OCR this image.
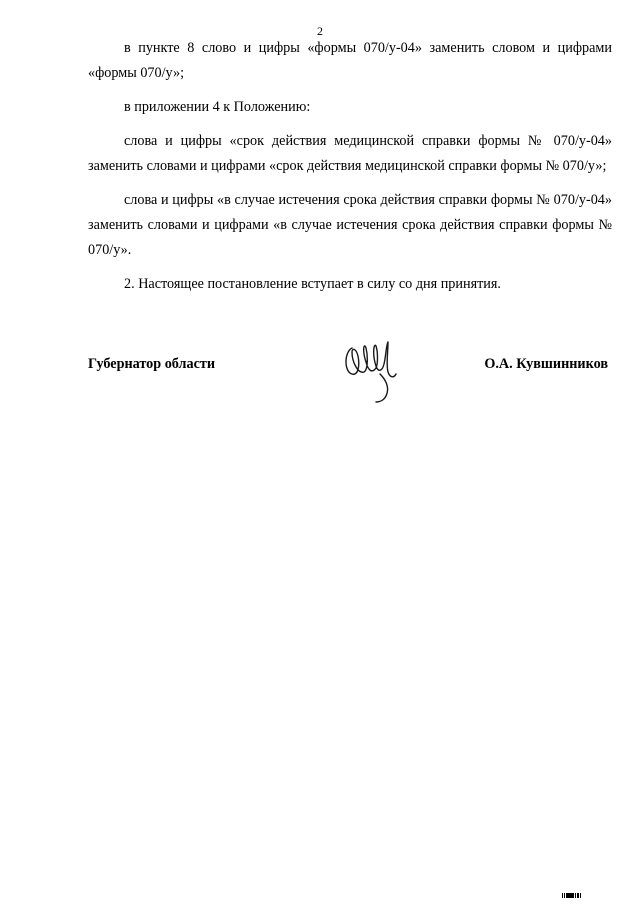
2

в пункте 8 слово и цифры «формы 070/у-04» заменить словом и цифрами «формы 070/у»;

в приложении 4 к Положению:

слова и цифры «срок действия медицинской справки формы № 070/у-04» заменить словами и цифрами «срок действия медицинской справки формы № 070/у»;

слова и цифры «в случае истечения срока действия справки формы № 070/у-04» заменить словами и цифрами «в случае истечения срока действия справки формы № 070/у».

2. Настоящее постановление вступает в силу со дня принятия.

Губернатор области	О.А. Кувшинников
